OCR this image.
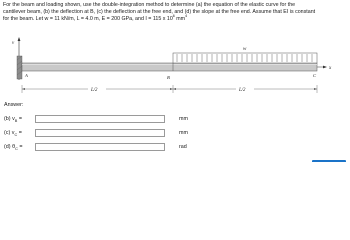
For the beam and loading shown, use the double-integration method to determine (a) the equation of the elastic curve for the
cantilever beam, (b) the deflection at B, (c) the deflection at the free end, and (d) the slope at the free end. Assume that EI is constant
for the beam. Let w = 11 kN/m, L = 4.0 m, E = 200 GPa, and I = 115 x $10^6$ $mm^4$

v
x
w
A	B	C
L/2	L/2
Answer:
(b) $v_B$ =	mm
(c) $v_C$ =	mm
(d) $\theta_C$ =	rad
